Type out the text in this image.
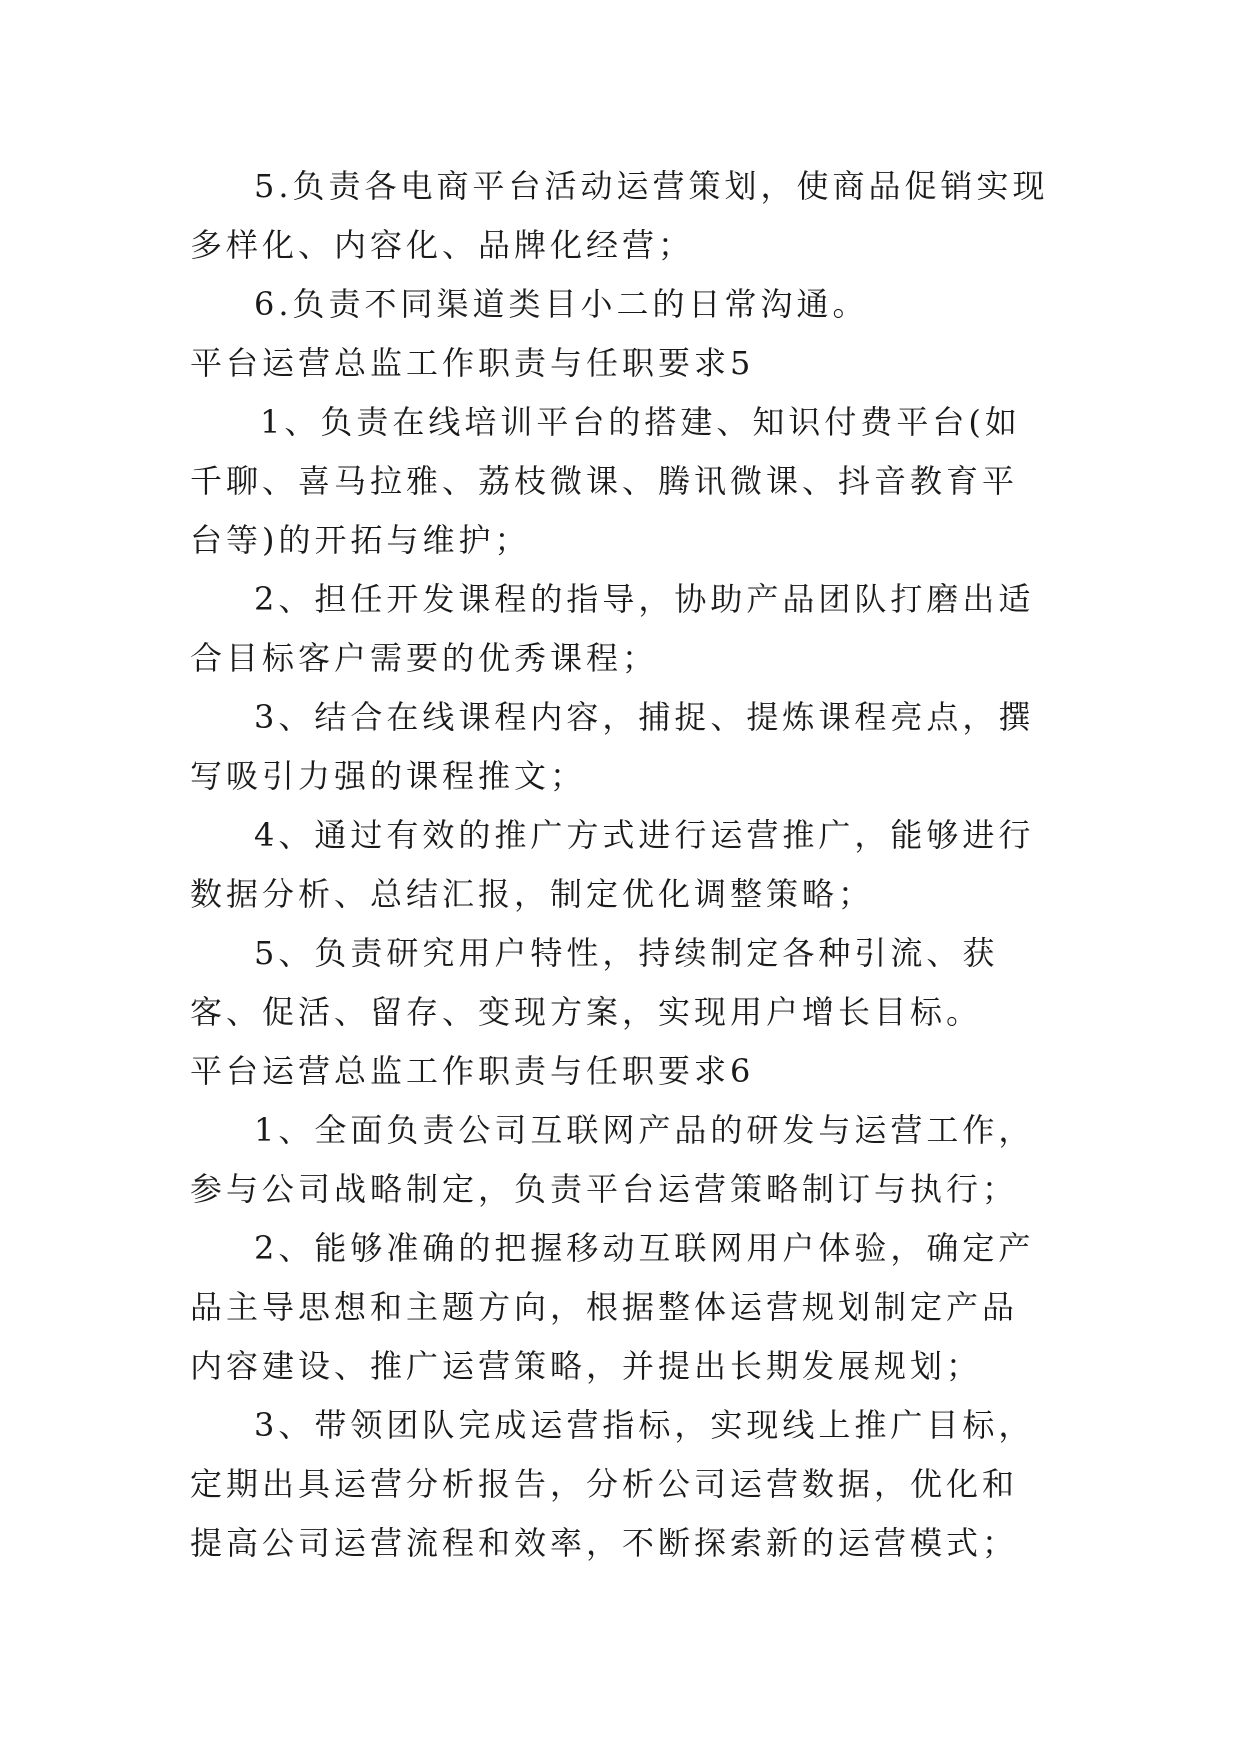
5.负责各电商平台活动运营策划，使商品促销实现多样化、内容化、品牌化经营；

6.负责不同渠道类目小二的日常沟通。

平台运营总监工作职责与任职要求5

1、负责在线培训平台的搭建、知识付费平台(如千聊、喜马拉雅、荔枝微课、腾讯微课、抖音教育平台等)的开拓与维护；

2、担任开发课程的指导，协助产品团队打磨出适合目标客户需要的优秀课程；

3、结合在线课程内容，捕捉、提炼课程亮点，撰写吸引力强的课程推文；

4、通过有效的推广方式进行运营推广，能够进行数据分析、总结汇报，制定优化调整策略；

5、负责研究用户特性，持续制定各种引流、获客、促活、留存、变现方案，实现用户增长目标。

平台运营总监工作职责与任职要求6

1、全面负责公司互联网产品的研发与运营工作，参与公司战略制定，负责平台运营策略制订与执行；

2、能够准确的把握移动互联网用户体验，确定产品主导思想和主题方向，根据整体运营规划制定产品内容建设、推广运营策略，并提出长期发展规划；

3、带领团队完成运营指标，实现线上推广目标，定期出具运营分析报告，分析公司运营数据，优化和提高公司运营流程和效率，不断探索新的运营模式；
